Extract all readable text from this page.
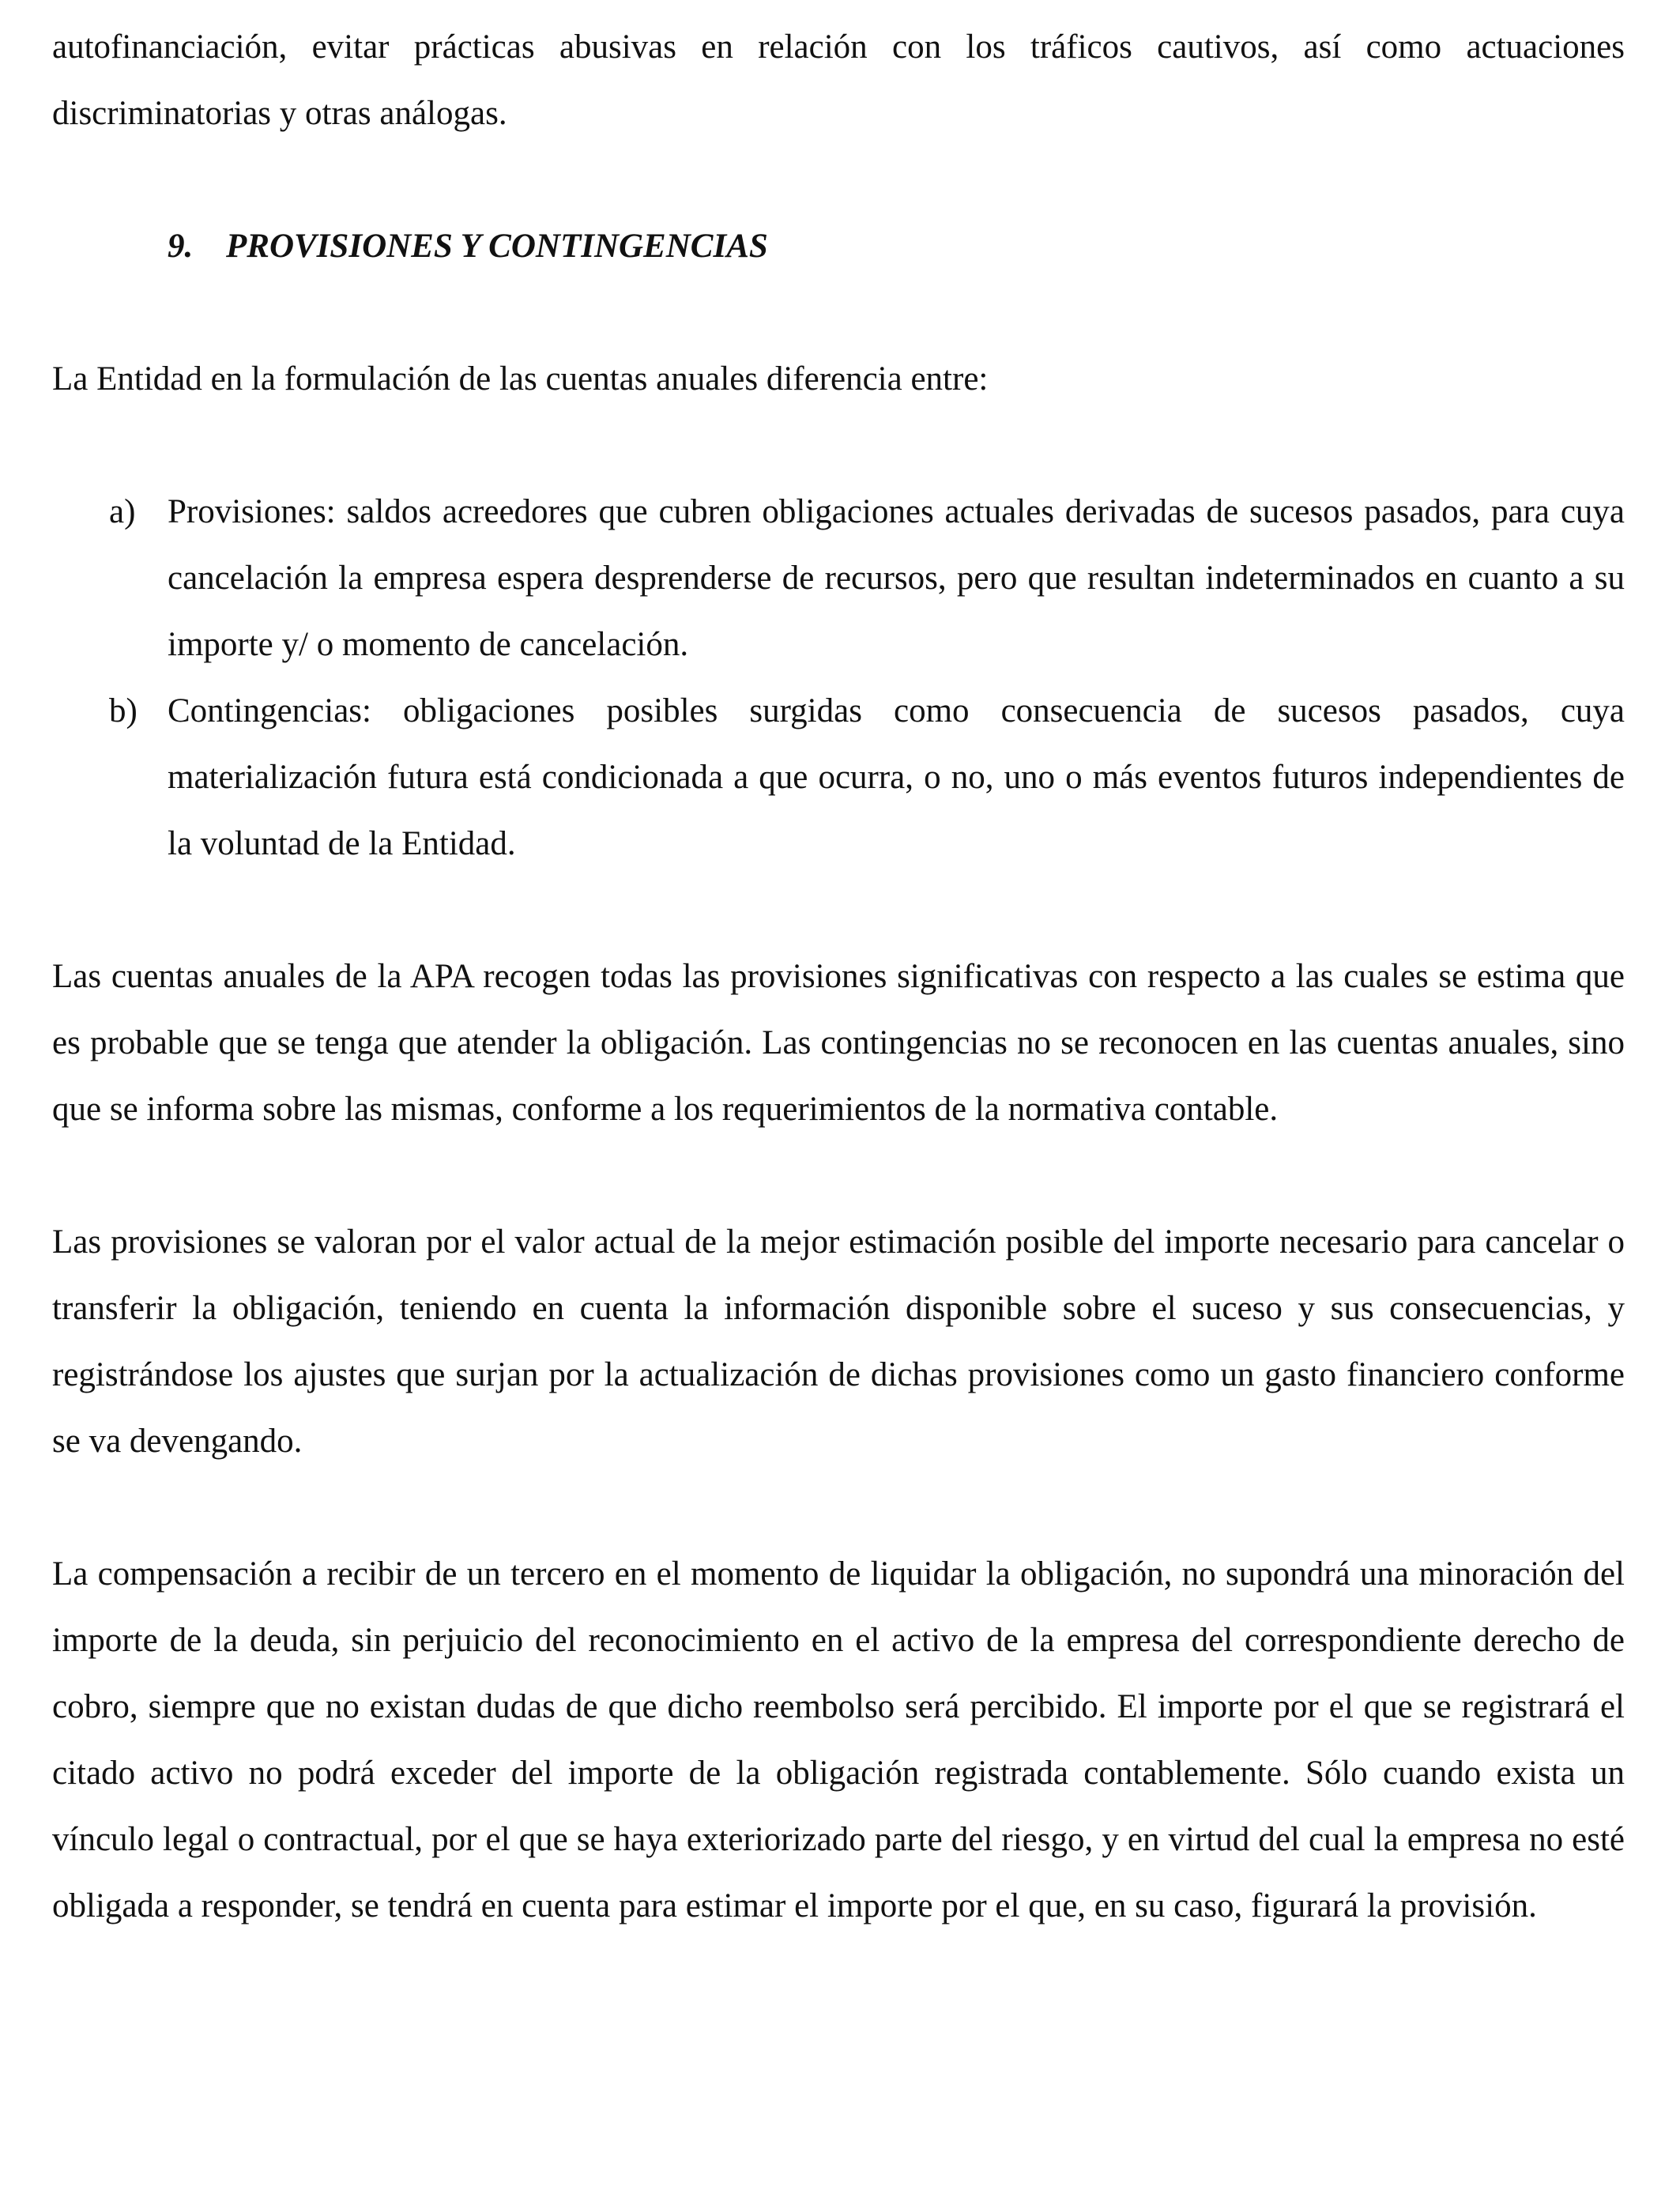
autofinanciación, evitar prácticas abusivas en relación con los tráficos cautivos, así como actuaciones discriminatorias y otras análogas.

9. PROVISIONES Y CONTINGENCIAS

La Entidad en la formulación de las cuentas anuales diferencia entre:

a) Provisiones: saldos acreedores que cubren obligaciones actuales derivadas de sucesos pasados, para cuya cancelación la empresa espera desprenderse de recursos, pero que resultan indeterminados en cuanto a su importe y/ o momento de cancelación.
b) Contingencias: obligaciones posibles surgidas como consecuencia de sucesos pasados, cuya materialización futura está condicionada a que ocurra, o no, uno o más eventos futuros independientes de la voluntad de la Entidad.

Las cuentas anuales de la APA recogen todas las provisiones significativas con respecto a las cuales se estima que es probable que se tenga que atender la obligación. Las contingencias no se reconocen en las cuentas anuales, sino que se informa sobre las mismas, conforme a los requerimientos de la normativa contable.

Las provisiones se valoran por el valor actual de la mejor estimación posible del importe necesario para cancelar o transferir la obligación, teniendo en cuenta la información disponible sobre el suceso y sus consecuencias, y registrándose los ajustes que surjan por la actualización de dichas provisiones como un gasto financiero conforme se va devengando.

La compensación a recibir de un tercero en el momento de liquidar la obligación, no supondrá una minoración del importe de la deuda, sin perjuicio del reconocimiento en el activo de la empresa del correspondiente derecho de cobro, siempre que no existan dudas de que dicho reembolso será percibido. El importe por el que se registrará el citado activo no podrá exceder del importe de la obligación registrada contablemente. Sólo cuando exista un vínculo legal o contractual, por el que se haya exteriorizado parte del riesgo, y en virtud del cual la empresa no esté obligada a responder, se tendrá en cuenta para estimar el importe por el que, en su caso, figurará la provisión.
